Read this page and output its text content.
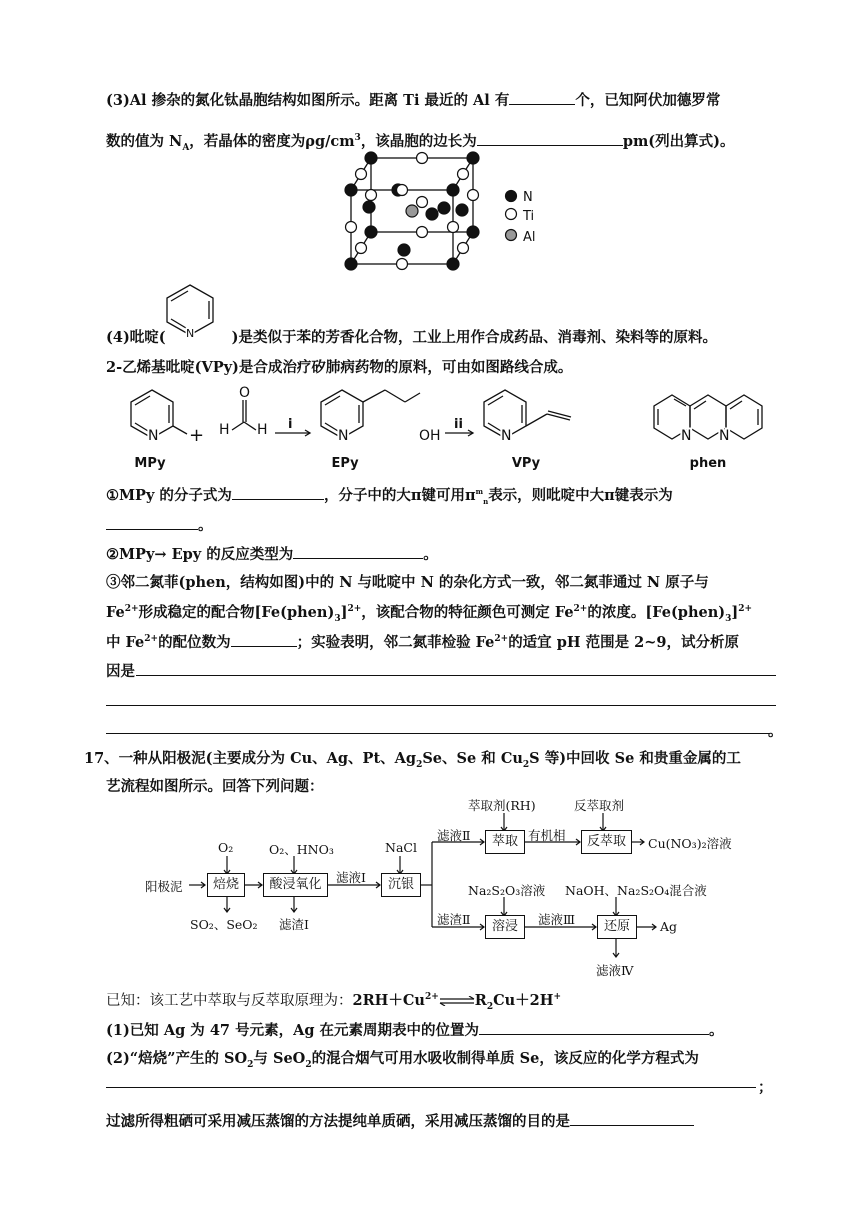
(3)Al 掺杂的氮化钛晶胞结构如图所示。距离 Ti 最近的 Al 有	个，已知阿伏加德罗常
数的值为 $N_A$，若晶体的密度为$\rho g/cm^3$，该晶胞的边长为	pm(列出算式)。
N
Ti
Al
N
(4)吡啶(	)是类似于苯的芳香化合物，工业上用作合成药品、消毒剂、染料等的原料。
2-乙烯基吡啶(VPy)是合成治疗矽肺病药物的原料，可由如图路线合成。
N +
O
H H i
N	OH
ii
N	N N
MPy	EPy	VPy	phen
①MPy 的分子式为	，分子中的大π键可用$\pi^m_n$表示，则吡啶中大π键表示为
。
②MPy→ Epy 的反应类型为	。
③邻二氮菲(phen，结构如图)中的 N 与吡啶中 N 的杂化方式一致，邻二氮菲通过 N 原子与
$Fe^{2+}$形成稳定的配合物$[Fe(phen)_3]^{2+}$，该配合物的特征颜色可测定 $Fe^{2+}$的浓度。$[Fe(phen)_3]^{2+}$
中 $Fe^{2+}$的配位数为	；实验表明，邻二氮菲检验 $Fe^{2+}$的适宜 pH 范围是 2~9，试分析原
因是
。
17、一种从阳极泥(主要成分为 Cu、Ag、Pt、$Ag_2Se$、Se 和 $Cu_2S$ 等)中回收 Se 和贵重金属的工
艺流程如图所示。回答下列问题：
阳极泥	焙烧	酸浸氧化	沉银
萃取	反萃取
溶浸	还原
O₂	O₂、HNO₃	NaCl
萃取剂(RH)	反萃取剂
Na₂S₂O₃溶液 NaOH、Na₂S₂O₄混合液
SO₂、SeO₂ 滤渣Ⅰ
滤液Ⅰ
滤液Ⅱ	有机相
滤渣Ⅱ	滤液Ⅲ
Cu(NO₃)₂溶液
Ag
滤液Ⅳ
已知：该工艺中萃取与反萃取原理为：$2RH+Cu^{2+}\rightleftharpoons R_2Cu+2H^+$
(1)已知 Ag 为 47 号元素，Ag 在元素周期表中的位置为	。
(2)“焙烧”产生的 $SO_2$与 SeO$_2$的混合烟气可用水吸收制得单质 Se，该反应的化学方程式为
；
过滤所得粗硒可采用减压蒸馏的方法提纯单质硒，采用减压蒸馏的目的是
